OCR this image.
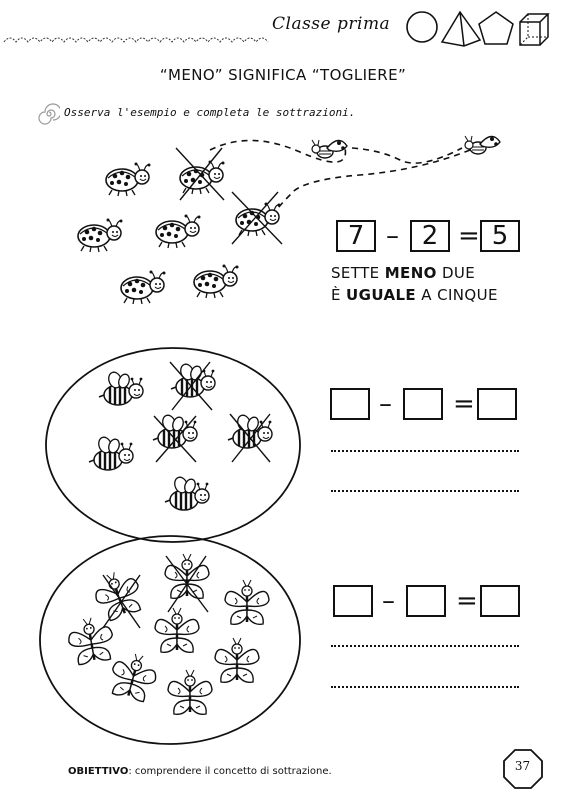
Classe prima
“MENO” SIGNIFICA “TOGLIERE”
Osserva l'esempio e completa le sottrazioni.
7 – 2 = 5
SETTE MENO DUE
È UGUALE A CINQUE
– =
– =
OBIETTIVO: comprendere il concetto di sottrazione.	37
